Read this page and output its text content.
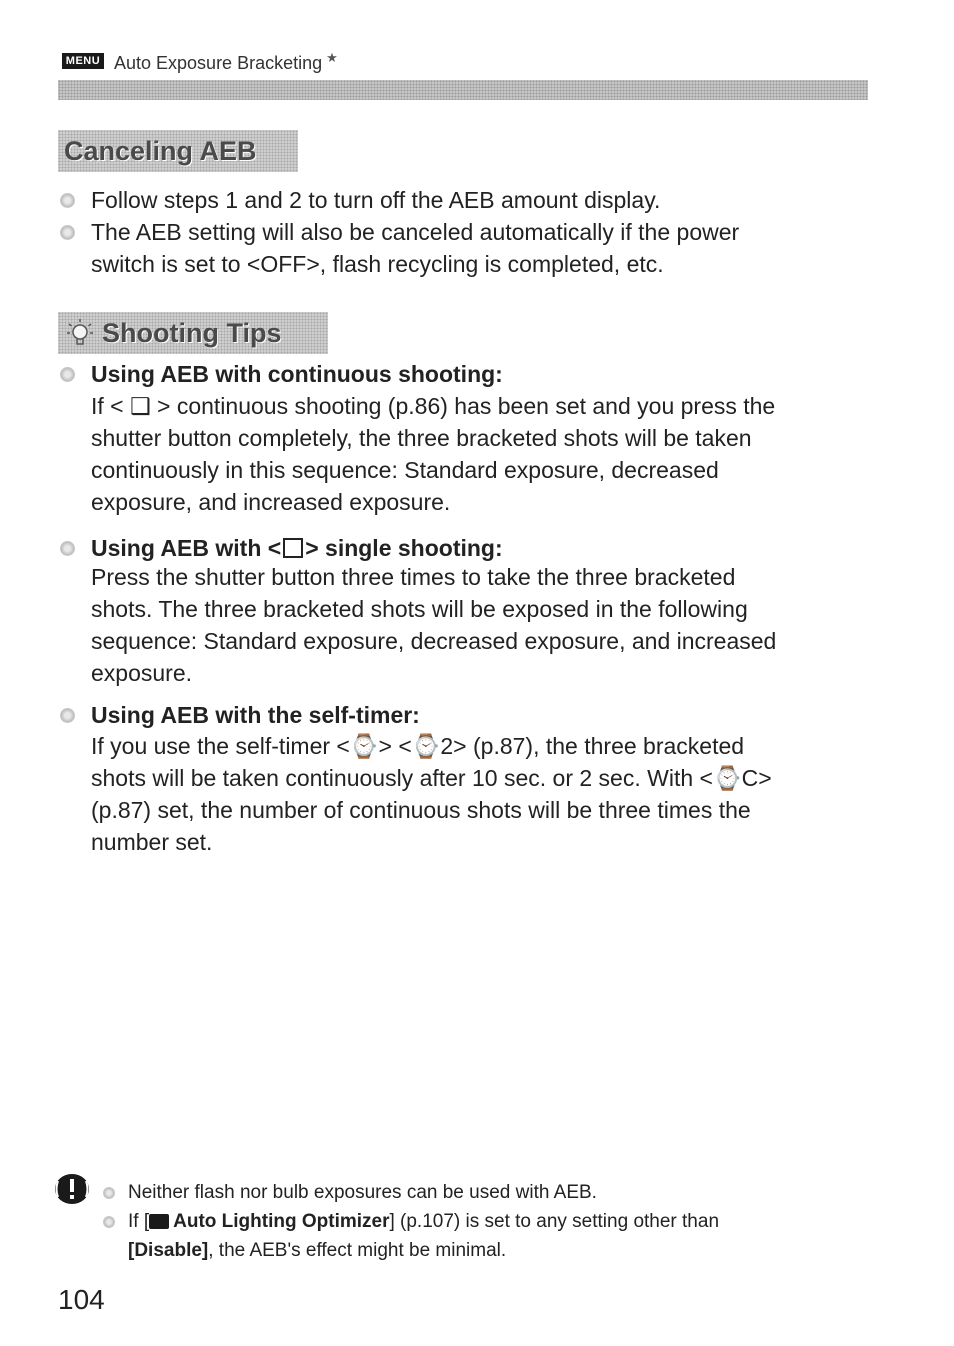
MENU Auto Exposure Bracketing ★
Canceling AEB
Follow steps 1 and 2 to turn off the AEB amount display.
The AEB setting will also be canceled automatically if the power
switch is set to <OFF>, flash recycling is completed, etc.
Shooting Tips
Using AEB with continuous shooting:
If < ❑ > continuous shooting (p.86) has been set and you press the
shutter button completely, the three bracketed shots will be taken
continuously in this sequence: Standard exposure, decreased
exposure, and increased exposure.
Using AEB with < > single shooting:
Press the shutter button three times to take the three bracketed
shots. The three bracketed shots will be exposed in the following
sequence: Standard exposure, decreased exposure, and increased
exposure.
Using AEB with the self-timer:
If you use the self-timer <⌚> <⌚2> (p.87), the three bracketed
shots will be taken continuously after 10 sec. or 2 sec. With <⌚C>
(p.87) set, the number of continuous shots will be three times the
number set.
Neither flash nor bulb exposures can be used with AEB.
If [ Auto Lighting Optimizer] (p.107) is set to any setting other than
[Disable], the AEB's effect might be minimal.
104
